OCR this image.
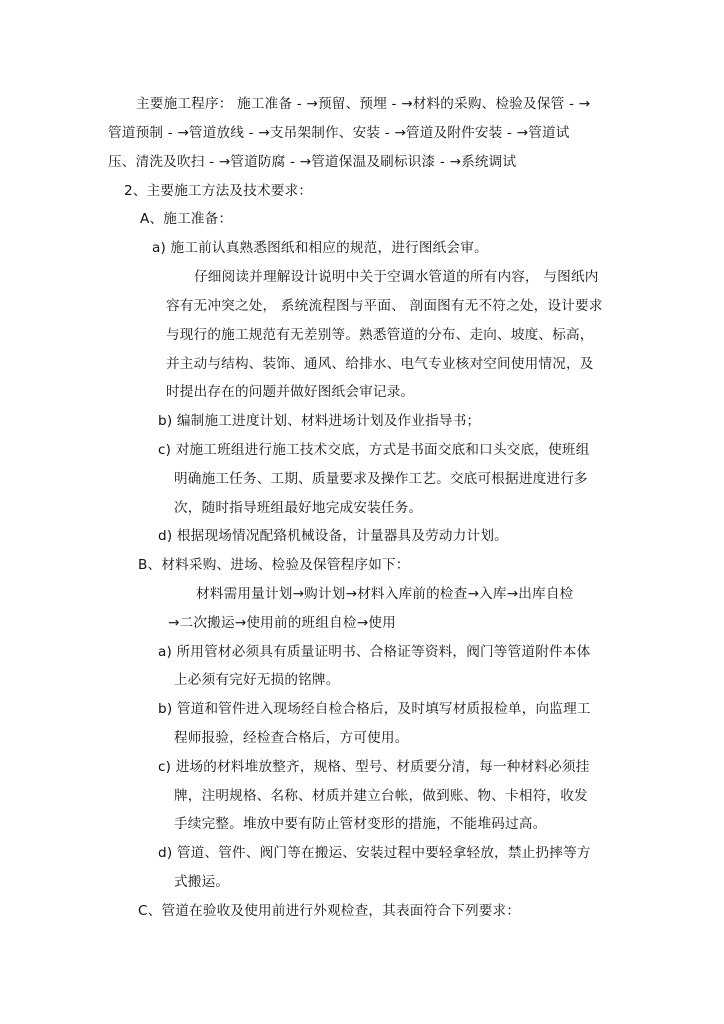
主要施工程序： 施工准备 - →预留、预埋 - →材料的采购、检验及保管 - →
管道预制 - →管道放线 - →支吊架制作、安装 - →管道及附件安装 - →管道试
压、清洗及吹扫 - →管道防腐 - →管道保温及刷标识漆 - →系统调试
2、主要施工方法及技术要求：
A、施工准备：
a) 施工前认真熟悉图纸和相应的规范，进行图纸会审。
仔细阅读并理解设计说明中关于空调水管道的所有内容， 与图纸内
容有无冲突之处， 系统流程图与平面、 剖面图有无不符之处，设计要求
与现行的施工规范有无差别等。熟悉管道的分布、走向、坡度、标高，
并主动与结构、装饰、通风、给排水、电气专业核对空间使用情况，及
时提出存在的问题并做好图纸会审记录。
b) 编制施工进度计划、材料进场计划及作业指导书；
c) 对施工班组进行施工技术交底，方式是书面交底和口头交底，使班组
明确施工任务、工期、质量要求及操作工艺。交底可根据进度进行多
次，随时指导班组最好地完成安装任务。
d) 根据现场情况配臵机械设备，计量器具及劳动力计划。
B、材料采购、进场、检验及保管程序如下：
材料需用量计划→购计划→材料入库前的检查→入库→出库自检
→二次搬运→使用前的班组自检→使用
a) 所用管材必须具有质量证明书、合格证等资料，阀门等管道附件本体
上必须有完好无损的铭牌。
b) 管道和管件进入现场经自检合格后，及时填写材质报检单，向监理工
程师报验，经检查合格后，方可使用。
c) 进场的材料堆放整齐，规格、型号、材质要分清，每一种材料必须挂
牌，注明规格、名称、材质并建立台帐，做到账、物、卡相符，收发
手续完整。堆放中要有防止管材变形的措施，不能堆码过高。
d) 管道、管件、阀门等在搬运、安装过程中要轻拿轻放，禁止扔摔等方
式搬运。
C、管道在验收及使用前进行外观检查，其表面符合下列要求：
